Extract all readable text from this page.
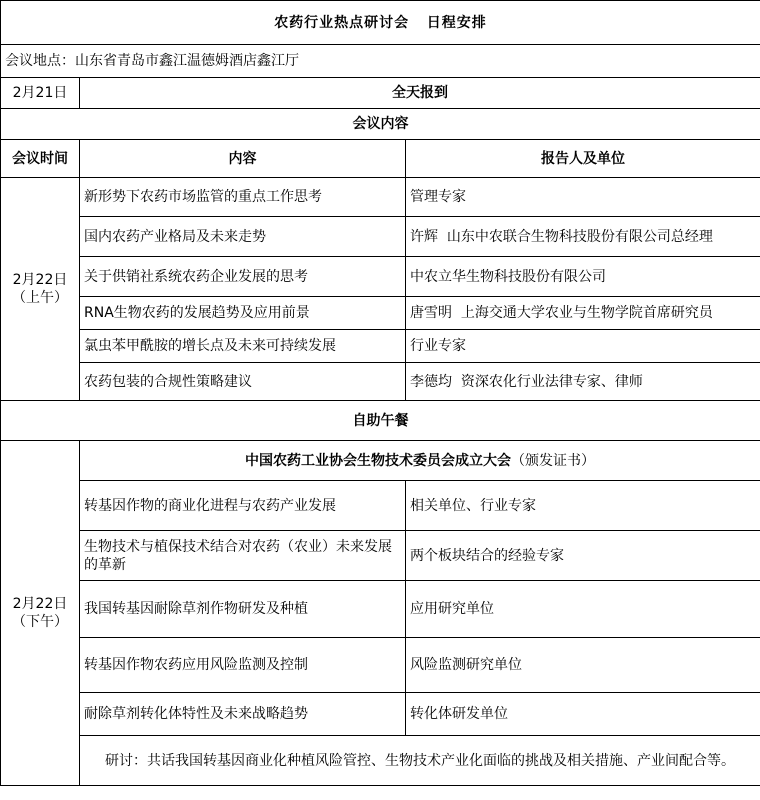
农药行业热点研讨会   日程安排		
会议地点：山东省青岛市鑫江温德姆酒店鑫江厅		
2月21日	全天报到	
会议内容		
会议时间	内容	报告人及单位
2月22日
（上午）	新形势下农药市场监管的重点工作思考	管理专家
	国内农药产业格局及未来走势	许辉  山东中农联合生物科技股份有限公司总经理
	关于供销社系统农药企业发展的思考	中农立华生物科技股份有限公司
	RNA生物农药的发展趋势及应用前景	唐雪明  上海交通大学农业与生物学院首席研究员
	氯虫苯甲酰胺的增长点及未来可持续发展	行业专家
	农药包装的合规性策略建议	李德均  资深农化行业法律专家、律师
自助午餐		
2月22日
（下午）	中国农药工业协会生物技术委员会成立大会（颁发证书）	
	转基因作物的商业化进程与农药产业发展	相关单位、行业专家
	生物技术与植保技术结合对农药（农业）未来发展的革新	两个板块结合的经验专家
	我国转基因耐除草剂作物研发及种植	应用研究单位
	转基因作物农药应用风险监测及控制	风险监测研究单位
	耐除草剂转化体特性及未来战略趋势	转化体研发单位
	研讨：共话我国转基因商业化种植风险管控、生物技术产业化面临的挑战及相关措施、产业间配合等。	
